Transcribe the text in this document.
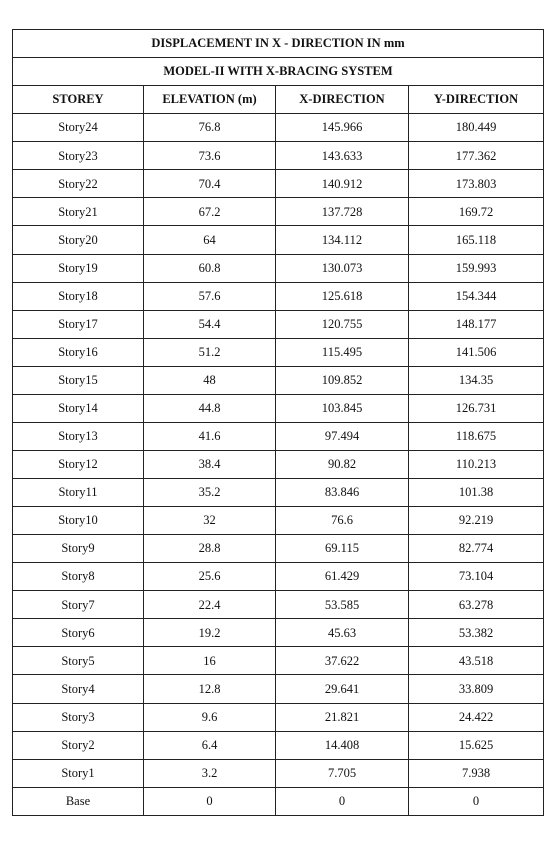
DISPLACEMENT IN X - DIRECTION IN mm			
MODEL-II WITH X-BRACING SYSTEM			
STOREY	ELEVATION (m)	X-DIRECTION	Y-DIRECTION
Story24	76.8	145.966	180.449
Story23	73.6	143.633	177.362
Story22	70.4	140.912	173.803
Story21	67.2	137.728	169.72
Story20	64	134.112	165.118
Story19	60.8	130.073	159.993
Story18	57.6	125.618	154.344
Story17	54.4	120.755	148.177
Story16	51.2	115.495	141.506
Story15	48	109.852	134.35
Story14	44.8	103.845	126.731
Story13	41.6	97.494	118.675
Story12	38.4	90.82	110.213
Story11	35.2	83.846	101.38
Story10	32	76.6	92.219
Story9	28.8	69.115	82.774
Story8	25.6	61.429	73.104
Story7	22.4	53.585	63.278
Story6	19.2	45.63	53.382
Story5	16	37.622	43.518
Story4	12.8	29.641	33.809
Story3	9.6	21.821	24.422
Story2	6.4	14.408	15.625
Story1	3.2	7.705	7.938
Base	0	0	0
